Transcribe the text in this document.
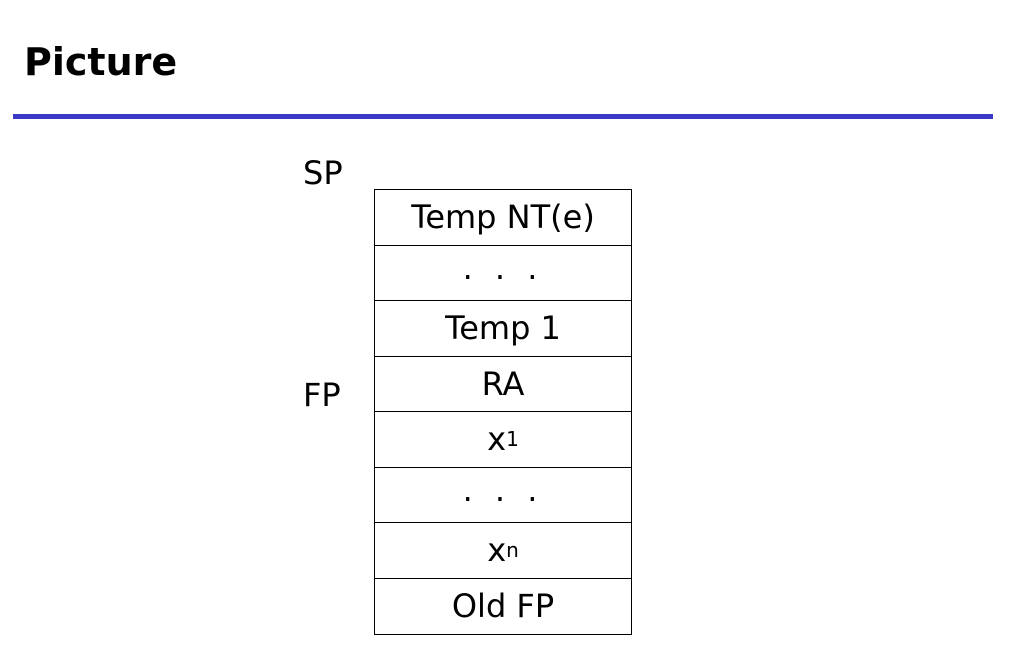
Picture
SP
FP
Temp NT(e)
. . .
Temp 1
RA
x 1
. . .
x n
Old FP
